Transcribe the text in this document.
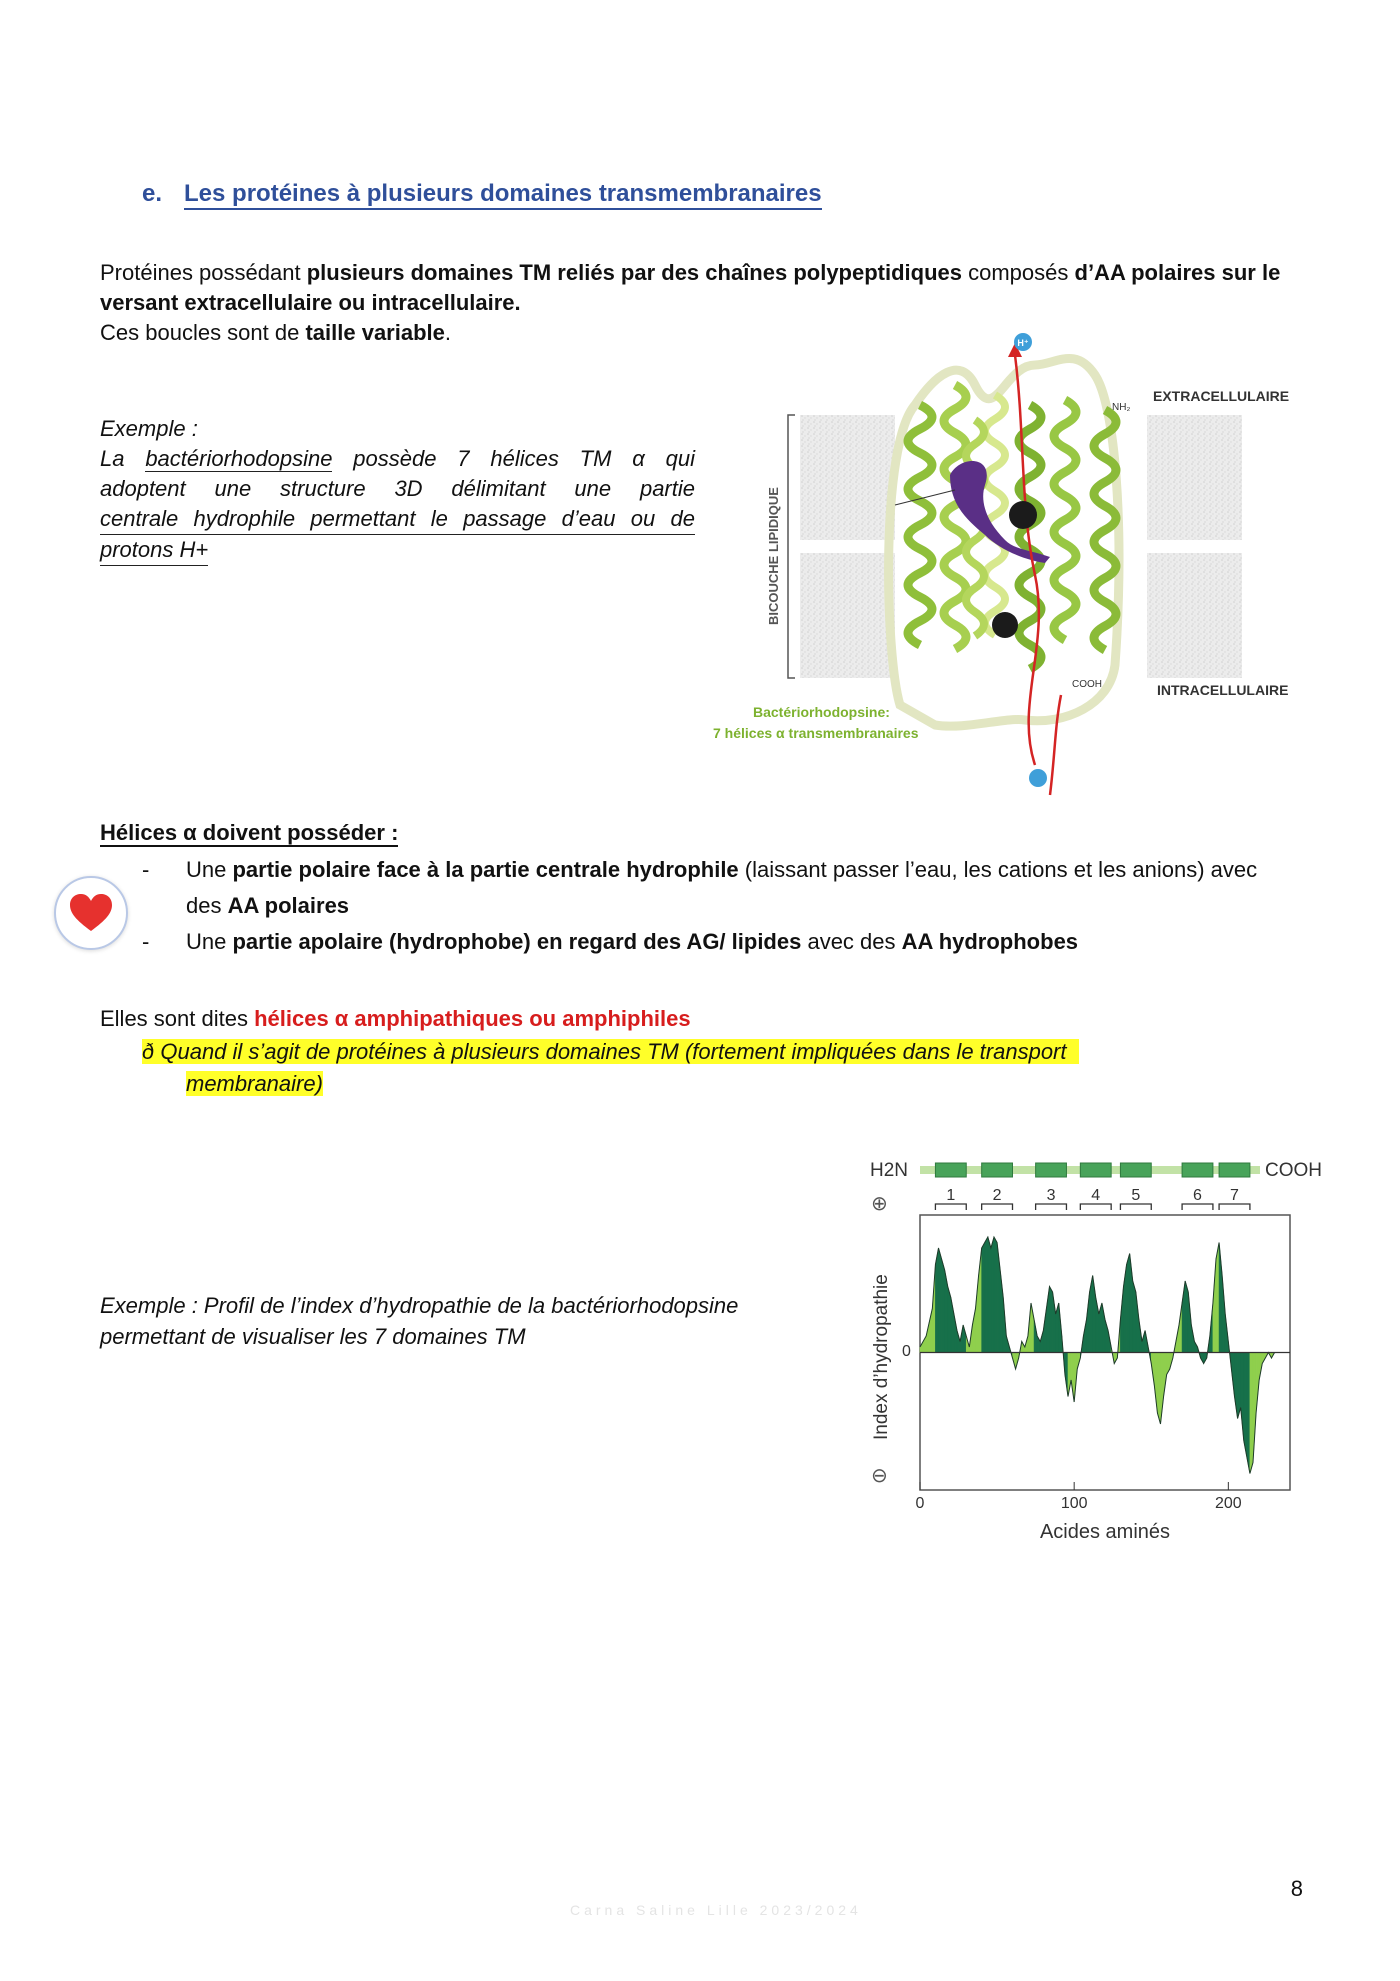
e. Les protéines à plusieurs domaines transmembranaires
Protéines possédant plusieurs domaines TM reliés par des chaînes polypeptidiques composés d’AA polaires sur le versant extracellulaire ou intracellulaire.
Ces boucles sont de taille variable.
Exemple :
La bactériorhodopsine possède 7 hélices TM α qui
adoptent une structure 3D délimitant une partie
centrale hydrophile permettant le passage d’eau ou de
protons H+	BICOUCHE LIPIDIQUE
H⁺
NH₂
EXTRACELLULAIRE
COOH	INTRACELLULAIRE
Bactériorhodopsine:
7 hélices α transmembranaires
Hélices α doivent posséder :
- Une partie polaire face à la partie centrale hydrophile (laissant passer l’eau, les cations et les anions) avec
des AA polaires
- Une partie apolaire (hydrophobe) en regard des AG/ lipides avec des AA hydrophobes
Elles sont dites hélices α amphipathiques ou amphiphiles
ð Quand il s’agit de protéines à plusieurs domaines TM (fortement impliquées dans le transport
membranaire)
Exemple : Profil de l’index d’hydropathie de la bactériorhodopsine
permettant de visualiser les 7 domaines TM
H2N	COOH
1 2	3 4 5	6 7
⊕
⊖
0
Index d’hydropathie
0	100	200
Acides aminés
8
Carna Saline Lille 2023/2024
